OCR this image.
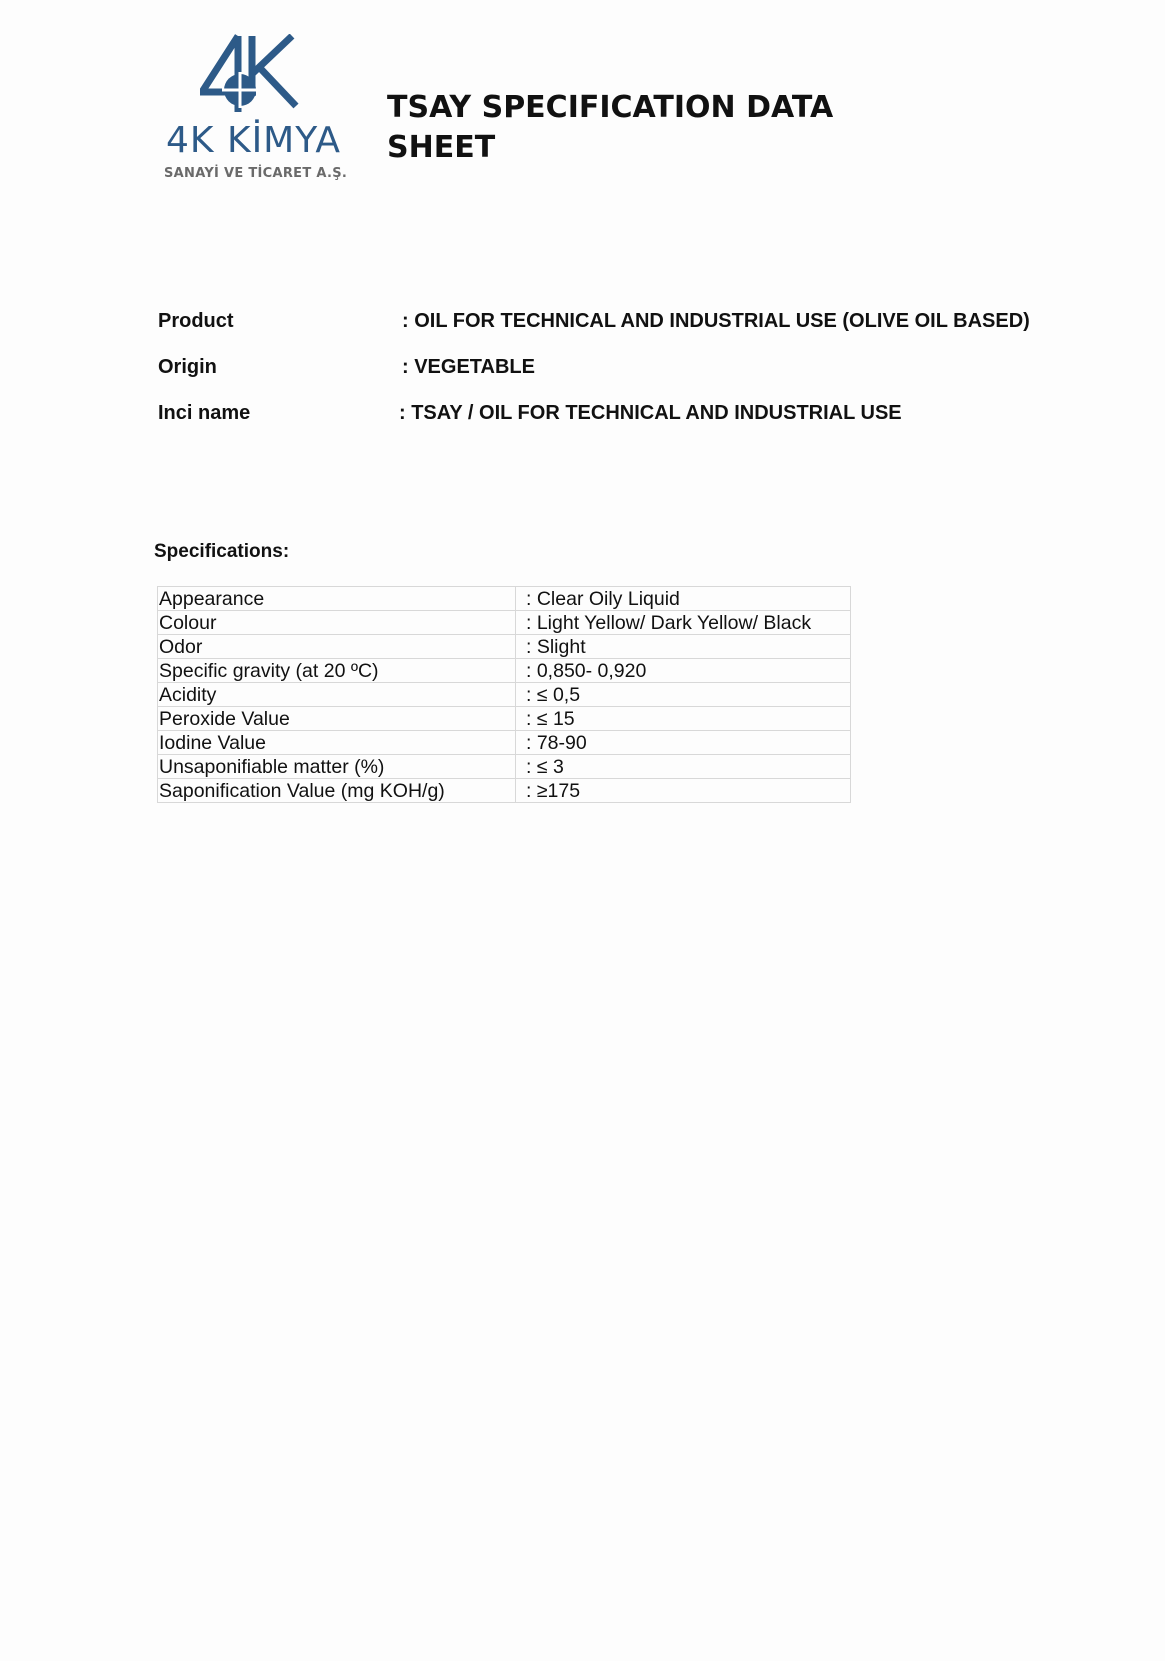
4K KİMYA
SANAYİ VE TİCARET A.Ş.
TSAY SPECIFICATION DATA SHEET
Product	: OIL FOR TECHNICAL AND INDUSTRIAL USE (OLIVE OIL BASED)
Origin	: VEGETABLE
Inci name	: TSAY / OIL FOR TECHNICAL AND INDUSTRIAL USE
Specifications:
Appearance	: Clear Oily Liquid
Colour	: Light Yellow/ Dark Yellow/ Black
Odor	: Slight
Specific gravity (at 20 ºC)	: 0,850- 0,920
Acidity	: ≤ 0,5
Peroxide Value	: ≤ 15
Iodine Value	: 78-90
Unsaponifiable matter (%)	: ≤ 3
Saponification Value (mg KOH/g)	: ≥175
